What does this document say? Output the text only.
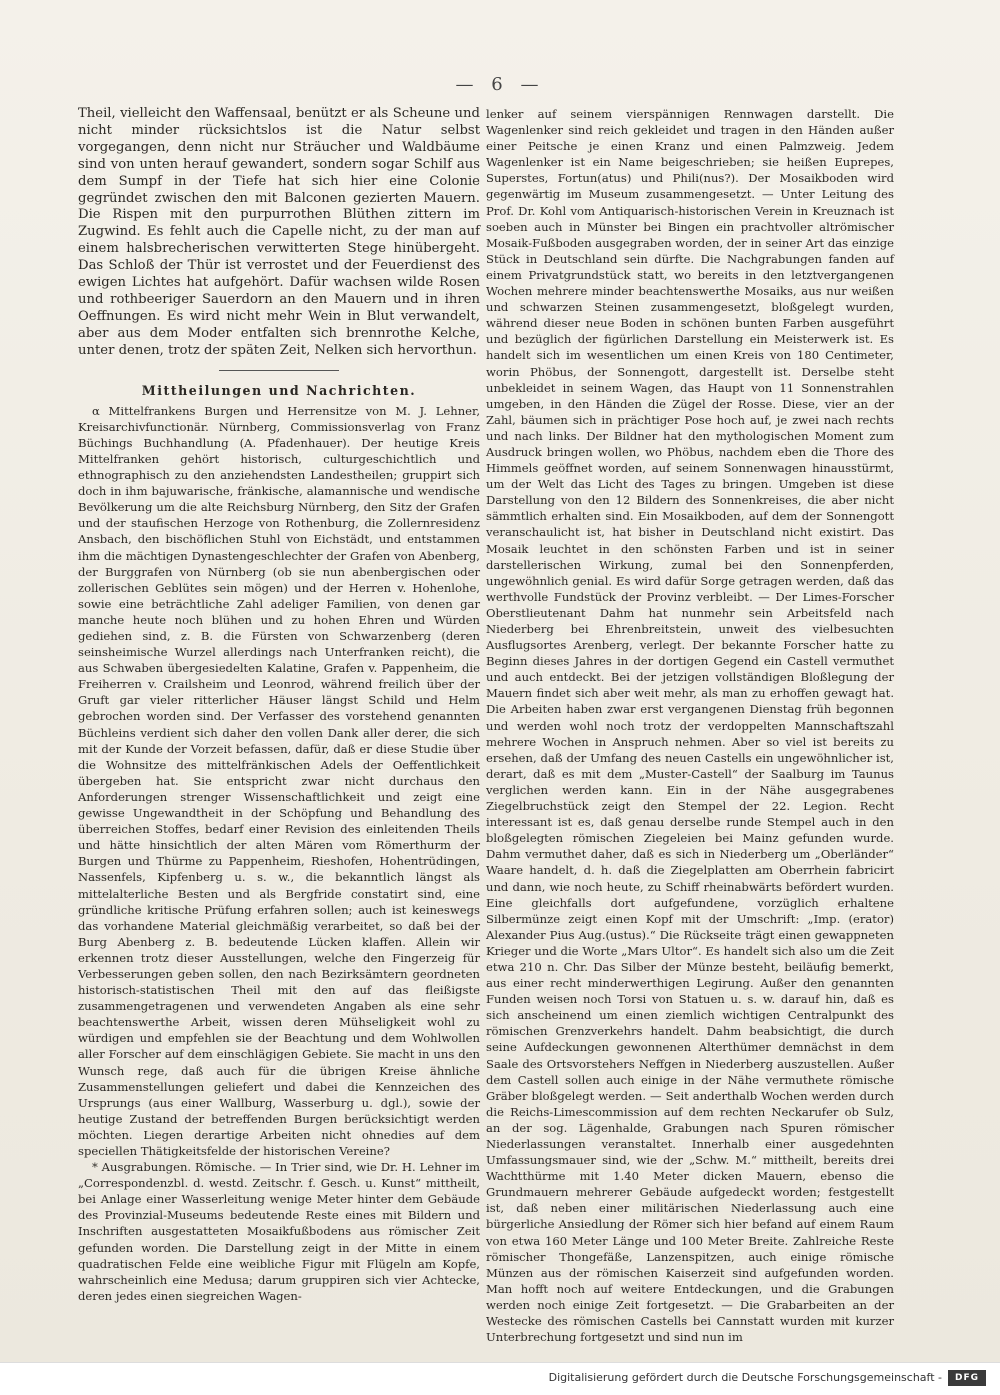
— 6 —

Theil, vielleicht den Waffensaal, benützt er als Scheune und nicht minder rücksichtslos ist die Natur selbst vorgegangen, denn nicht nur Sträucher und Waldbäume sind von unten herauf gewandert, sondern sogar Schilf aus dem Sumpf in der Tiefe hat sich hier eine Colonie gegründet zwischen den mit Balconen gezierten Mauern. Die Rispen mit den purpurrothen Blüthen zittern im Zugwind. Es fehlt auch die Capelle nicht, zu der man auf einem halsbrecherischen verwitterten Stege hinübergeht. Das Schloß der Thür ist verrostet und der Feuerdienst des ewigen Lichtes hat aufgehört. Dafür wachsen wilde Rosen und rothbeeriger Sauerdorn an den Mauern und in ihren Oeffnungen. Es wird nicht mehr Wein in Blut verwandelt, aber aus dem Moder entfalten sich brennrothe Kelche, unter denen, trotz der späten Zeit, Nelken sich hervorthun.

Mittheilungen und Nachrichten.

α Mittelfrankens Burgen und Herrensitze von M. J. Lehner, Kreisarchivfunctionär. Nürnberg, Commissionsverlag von Franz Büchings Buchhandlung (A. Pfadenhauer). Der heutige Kreis Mittelfranken gehört historisch, culturgeschichtlich und ethnographisch zu den anziehendsten Landestheilen; gruppirt sich doch in ihm bajuwarische, fränkische, alamannische und wendische Bevölkerung um die alte Reichsburg Nürnberg, den Sitz der Grafen und der staufischen Herzoge von Rothenburg, die Zollernresidenz Ansbach, den bischöflichen Stuhl von Eichstädt, und entstammen ihm die mächtigen Dynastengeschlechter der Grafen von Abenberg, der Burggrafen von Nürnberg (ob sie nun abenbergischen oder zollerischen Geblütes sein mögen) und der Herren v. Hohenlohe, sowie eine beträchtliche Zahl adeliger Familien, von denen gar manche heute noch blühen und zu hohen Ehren und Würden gediehen sind, z. B. die Fürsten von Schwarzenberg (deren seinsheimische Wurzel allerdings nach Unterfranken reicht), die aus Schwaben übergesiedelten Kalatine, Grafen v. Pappenheim, die Freiherren v. Crailsheim und Leonrod, während freilich über der Gruft gar vieler ritterlicher Häuser längst Schild und Helm gebrochen worden sind. Der Verfasser des vorstehend genannten Büchleins verdient sich daher den vollen Dank aller derer, die sich mit der Kunde der Vorzeit befassen, dafür, daß er diese Studie über die Wohnsitze des mittelfränkischen Adels der Oeffentlichkeit übergeben hat. Sie entspricht zwar nicht durchaus den Anforderungen strenger Wissenschaftlichkeit und zeigt eine gewisse Ungewandtheit in der Schöpfung und Behandlung des überreichen Stoffes, bedarf einer Revision des einleitenden Theils und hätte hinsichtlich der alten Mären vom Römerthurm der Burgen und Thürme zu Pappenheim, Rieshofen, Hohentrüdingen, Nassenfels, Kipfenberg u. s. w., die bekanntlich längst als mittelalterliche Besten und als Bergfride constatirt sind, eine gründliche kritische Prüfung erfahren sollen; auch ist keineswegs das vorhandene Material gleichmäßig verarbeitet, so daß bei der Burg Abenberg z. B. bedeutende Lücken klaffen. Allein wir erkennen trotz dieser Ausstellungen, welche den Fingerzeig für Verbesserungen geben sollen, den nach Bezirksämtern geordneten historisch-statistischen Theil mit den auf das fleißigste zusammengetragenen und verwendeten Angaben als eine sehr beachtenswerthe Arbeit, wissen deren Mühseligkeit wohl zu würdigen und empfehlen sie der Beachtung und dem Wohlwollen aller Forscher auf dem einschlägigen Gebiete. Sie macht in uns den Wunsch rege, daß auch für die übrigen Kreise ähnliche Zusammenstellungen geliefert und dabei die Kennzeichen des Ursprungs (aus einer Wallburg, Wasserburg u. dgl.), sowie der heutige Zustand der betreffenden Burgen berücksichtigt werden möchten. Liegen derartige Arbeiten nicht ohnedies auf dem speciellen Thätigkeitsfelde der historischen Vereine?

* Ausgrabungen. Römische. — In Trier sind, wie Dr. H. Lehner im „Correspondenzbl. d. westd. Zeitschr. f. Gesch. u. Kunst“ mittheilt, bei Anlage einer Wasserleitung wenige Meter hinter dem Gebäude des Provinzial-Museums bedeutende Reste eines mit Bildern und Inschriften ausgestatteten Mosaikfußbodens aus römischer Zeit gefunden worden. Die Darstellung zeigt in der Mitte in einem quadratischen Felde eine weibliche Figur mit Flügeln am Kopfe, wahrscheinlich eine Medusa; darum gruppiren sich vier Achtecke, deren jedes einen siegreichen Wagen-

lenker auf seinem vierspännigen Rennwagen darstellt. Die Wagenlenker sind reich gekleidet und tragen in den Händen außer einer Peitsche je einen Kranz und einen Palmzweig. Jedem Wagenlenker ist ein Name beigeschrieben; sie heißen Euprepes, Superstes, Fortun(atus) und Phili(nus?). Der Mosaikboden wird gegenwärtig im Museum zusammengesetzt. — Unter Leitung des Prof. Dr. Kohl vom Antiquarisch-historischen Verein in Kreuznach ist soeben auch in Münster bei Bingen ein prachtvoller altrömischer Mosaik-Fußboden ausgegraben worden, der in seiner Art das einzige Stück in Deutschland sein dürfte. Die Nachgrabungen fanden auf einem Privatgrundstück statt, wo bereits in den letztvergangenen Wochen mehrere minder beachtenswerthe Mosaiks, aus nur weißen und schwarzen Steinen zusammengesetzt, bloßgelegt wurden, während dieser neue Boden in schönen bunten Farben ausgeführt und bezüglich der figürlichen Darstellung ein Meisterwerk ist. Es handelt sich im wesentlichen um einen Kreis von 180 Centimeter, worin Phöbus, der Sonnengott, dargestellt ist. Derselbe steht unbekleidet in seinem Wagen, das Haupt von 11 Sonnenstrahlen umgeben, in den Händen die Zügel der Rosse. Diese, vier an der Zahl, bäumen sich in prächtiger Pose hoch auf, je zwei nach rechts und nach links. Der Bildner hat den mythologischen Moment zum Ausdruck bringen wollen, wo Phöbus, nachdem eben die Thore des Himmels geöffnet worden, auf seinem Sonnenwagen hinausstürmt, um der Welt das Licht des Tages zu bringen. Umgeben ist diese Darstellung von den 12 Bildern des Sonnenkreises, die aber nicht sämmtlich erhalten sind. Ein Mosaikboden, auf dem der Sonnengott veranschaulicht ist, hat bisher in Deutschland nicht existirt. Das Mosaik leuchtet in den schönsten Farben und ist in seiner darstellerischen Wirkung, zumal bei den Sonnenpferden, ungewöhnlich genial. Es wird dafür Sorge getragen werden, daß das werthvolle Fundstück der Provinz verbleibt. — Der Limes-Forscher Oberstlieutenant Dahm hat nunmehr sein Arbeitsfeld nach Niederberg bei Ehrenbreitstein, unweit des vielbesuchten Ausflugsortes Arenberg, verlegt. Der bekannte Forscher hatte zu Beginn dieses Jahres in der dortigen Gegend ein Castell vermuthet und auch entdeckt. Bei der jetzigen vollständigen Bloßlegung der Mauern findet sich aber weit mehr, als man zu erhoffen gewagt hat. Die Arbeiten haben zwar erst vergangenen Dienstag früh begonnen und werden wohl noch trotz der verdoppelten Mannschaftszahl mehrere Wochen in Anspruch nehmen. Aber so viel ist bereits zu ersehen, daß der Umfang des neuen Castells ein ungewöhnlicher ist, derart, daß es mit dem „Muster-Castell“ der Saalburg im Taunus verglichen werden kann. Ein in der Nähe ausgegrabenes Ziegelbruchstück zeigt den Stempel der 22. Legion. Recht interessant ist es, daß genau derselbe runde Stempel auch in den bloßgelegten römischen Ziegeleien bei Mainz gefunden wurde. Dahm vermuthet daher, daß es sich in Niederberg um „Oberländer“ Waare handelt, d. h. daß die Ziegelplatten am Oberrhein fabricirt und dann, wie noch heute, zu Schiff rheinabwärts befördert wurden. Eine gleichfalls dort aufgefundene, vorzüglich erhaltene Silbermünze zeigt einen Kopf mit der Umschrift: „Imp. (erator) Alexander Pius Aug.(ustus).“ Die Rückseite trägt einen gewappneten Krieger und die Worte „Mars Ultor“. Es handelt sich also um die Zeit etwa 210 n. Chr. Das Silber der Münze besteht, beiläufig bemerkt, aus einer recht minderwerthigen Legirung. Außer den genannten Funden weisen noch Torsi von Statuen u. s. w. darauf hin, daß es sich anscheinend um einen ziemlich wichtigen Centralpunkt des römischen Grenzverkehrs handelt. Dahm beabsichtigt, die durch seine Aufdeckungen gewonnenen Alterthümer demnächst in dem Saale des Ortsvorstehers Neffgen in Niederberg auszustellen. Außer dem Castell sollen auch einige in der Nähe vermuthete römische Gräber bloßgelegt werden. — Seit anderthalb Wochen werden durch die Reichs-Limescommission auf dem rechten Neckarufer ob Sulz, an der sog. Lägenhalde, Grabungen nach Spuren römischer Niederlassungen veranstaltet. Innerhalb einer ausgedehnten Umfassungsmauer sind, wie der „Schw. M.“ mittheilt, bereits drei Wachtthürme mit 1.40 Meter dicken Mauern, ebenso die Grundmauern mehrerer Gebäude aufgedeckt worden; festgestellt ist, daß neben einer militärischen Niederlassung auch eine bürgerliche Ansiedlung der Römer sich hier befand auf einem Raum von etwa 160 Meter Länge und 100 Meter Breite. Zahlreiche Reste römischer Thongefäße, Lanzenspitzen, auch einige römische Münzen aus der römischen Kaiserzeit sind aufgefunden worden. Man hofft noch auf weitere Entdeckungen, und die Grabungen werden noch einige Zeit fortgesetzt. — Die Grabarbeiten an der Westecke des römischen Castells bei Cannstatt wurden mit kurzer Unterbrechung fortgesetzt und sind nun im

Digitalisierung gefördert durch die Deutsche Forschungsgemeinschaft -	DFG
